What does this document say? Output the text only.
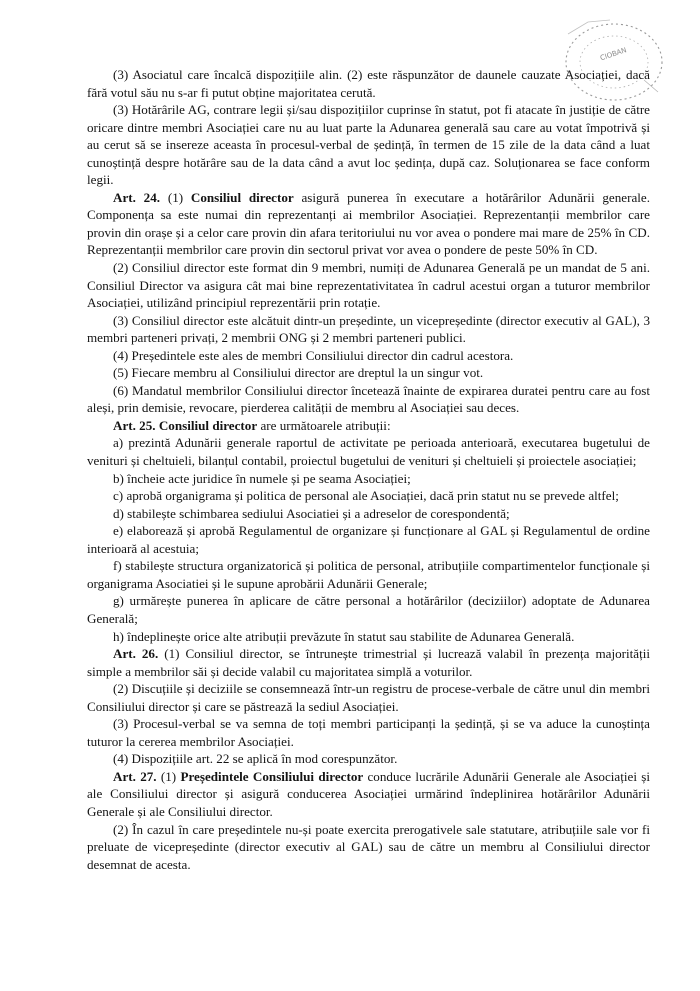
CIOBAN

(3) Asociatul care încalcă dispozițiile alin. (2) este răspunzător de daunele cauzate Asociației, dacă fără votul său nu s-ar fi putut obține majoritatea cerută.

(3) Hotărârile AG, contrare legii și/sau dispozițiilor cuprinse în statut, pot fi atacate în justiție de către oricare dintre membri Asociației care nu au luat parte la Adunarea generală sau care au votat împotrivă și au cerut să se insereze aceasta în procesul-verbal de ședință, în termen de 15 zile de la data când a luat cunoștință despre hotărâre sau de la data când a avut loc ședința, după caz. Soluționarea se face conform legii.

Art. 24. (1) Consiliul director asigură punerea în executare a hotărârilor Adunării generale. Componența sa este numai din reprezentanți ai membrilor Asociației. Reprezentanții membrilor care provin din orașe și a celor care provin din afara teritoriului nu vor avea o pondere mai mare de 25% în CD. Reprezentanții membrilor care provin din sectorul privat vor avea o pondere de peste 50% în CD.

(2) Consiliul director este format din 9 membri, numiți de Adunarea Generală pe un mandat de 5 ani. Consiliul Director va asigura cât mai bine reprezentativitatea în cadrul acestui organ a tuturor membrilor Asociației, utilizând principiul reprezentării prin rotație.

(3) Consiliul director este alcătuit dintr-un președinte, un vicepreședinte (director executiv al GAL), 3 membri parteneri privați, 2 membrii ONG și 2 membri parteneri publici.

(4) Președintele este ales de membri Consiliului director din cadrul acestora.

(5) Fiecare membru al Consiliului director are dreptul la un singur vot.

(6) Mandatul membrilor Consiliului director încetează înainte de expirarea duratei pentru care au fost aleși, prin demisie, revocare, pierderea calității de membru al Asociației sau deces.

Art. 25. Consiliul director are următoarele atribuții:

a) prezintă Adunării generale raportul de activitate pe perioada anterioară, executarea bugetului de venituri și cheltuieli, bilanțul contabil, proiectul bugetului de venituri și cheltuieli și proiectele asociației;

b) încheie acte juridice în numele și pe seama Asociației;

c) aprobă organigrama și politica de personal ale Asociației, dacă prin statut nu se prevede altfel;

d) stabilește schimbarea sediului Asociatiei și a adreselor de corespondentă;

e) elaborează și aprobă Regulamentul de organizare și funcționare al GAL și Regulamentul de ordine interioară al acestuia;

f) stabilește structura organizatorică și politica de personal, atribuțiile compartimentelor funcționale și organigrama Asociatiei și le supune aprobării Adunării Generale;

g) urmărește punerea în aplicare de către personal a hotărârilor (deciziilor) adoptate de Adunarea Generală;

h) îndeplinește orice alte atribuții prevăzute în statut sau stabilite de Adunarea Generală.

Art. 26. (1) Consiliul director, se întrunește trimestrial și lucrează valabil în prezența majorității simple a membrilor săi și decide valabil cu majoritatea simplă a voturilor.

(2) Discuțiile și deciziile se consemnează într-un registru de procese-verbale de către unul din membri Consiliului director și care se păstrează la sediul Asociației.

(3) Procesul-verbal se va semna de toți membri participanți la ședință, și se va aduce la cunoștința tuturor la cererea membrilor Asociației.

(4) Dispozițiile art. 22 se aplică în mod corespunzător.

Art. 27. (1) Președintele Consiliului director conduce lucrările Adunării Generale ale Asociației și ale Consiliului director și asigură conducerea Asociației urmărind îndeplinirea hotărârilor Adunării Generale și ale Consiliului director.

(2) În cazul în care președintele nu-și poate exercita prerogativele sale statutare, atribuțiile sale vor fi preluate de vicepreședinte (director executiv al GAL) sau de către un membru al Consiliului director desemnat de acesta.
